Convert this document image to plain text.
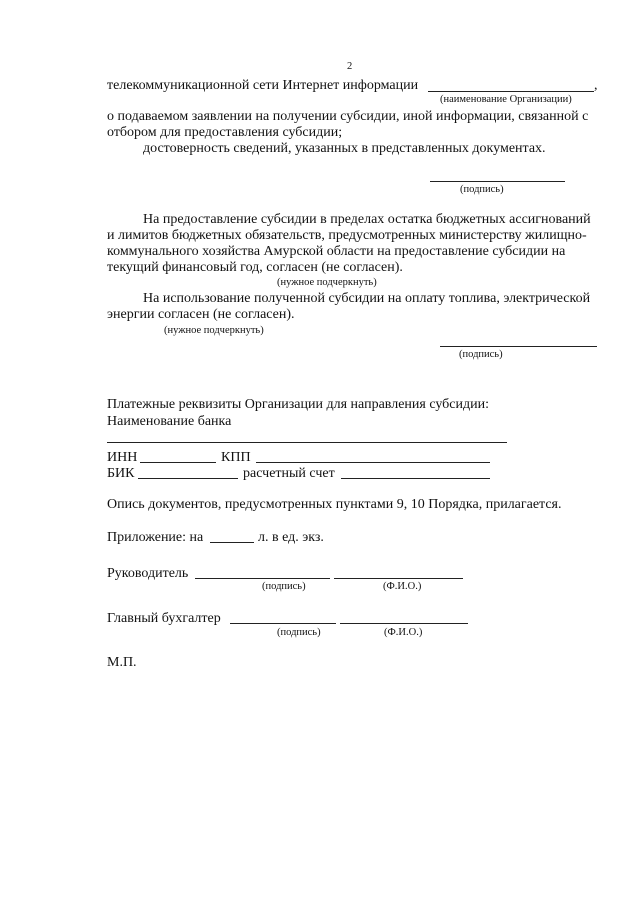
2
телекоммуникационной сети Интернет информации	,
(наименование Организации)
о подаваемом заявлении на получении субсидии, иной информации, связанной с
отбором для предоставления субсидии;
достоверность сведений, указанных в представленных документах.
(подпись)
На предоставление субсидии в пределах остатка бюджетных ассигнований
и лимитов бюджетных обязательств, предусмотренных министерству жилищно-
коммунального хозяйства Амурской области на предоставление субсидии на
текущий финансовый год, согласен (не согласен).
(нужное подчеркнуть)
На использование полученной субсидии на оплату топлива, электрической
энергии согласен (не согласен).
(нужное подчеркнуть)
(подпись)
Платежные реквизиты Организации для направления субсидии:
Наименование банка
ИНН	КПП
БИК	расчетный счет
Опись документов, предусмотренных пунктами 9, 10 Порядка, прилагается.
Приложение: на	л. в ед. экз.
Руководитель
(подпись)	(Ф.И.О.)
Главный бухгалтер
(подпись)	(Ф.И.О.)
М.П.
